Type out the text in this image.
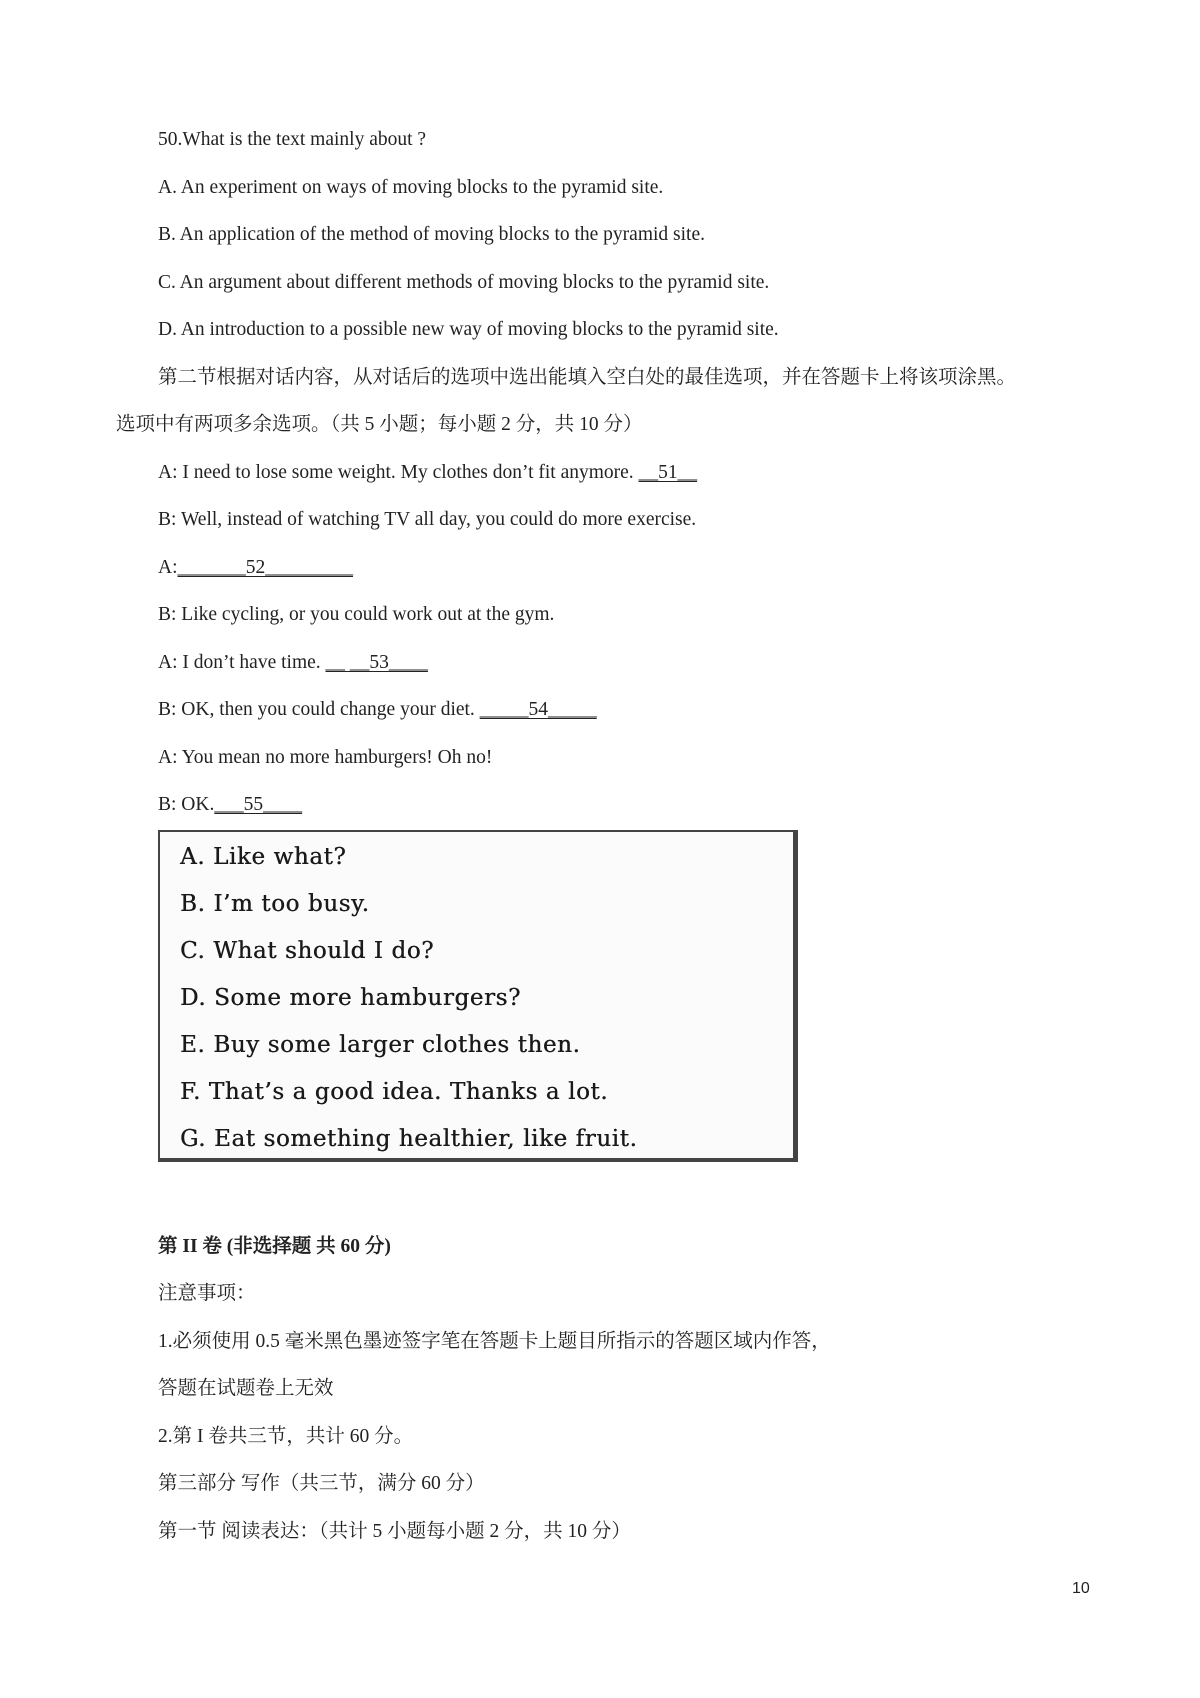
50.What is the text mainly about ?
A. An experiment on ways of moving blocks to the pyramid site.
B. An application of the method of moving blocks to the pyramid site.
C. An argument about different methods of moving blocks to the pyramid site.
D. An introduction to a possible new way of moving blocks to the pyramid site.
第二节根据对话内容，从对话后的选项中选出能填入空白处的最佳选项，并在答题卡上将该项涂黑。
选项中有两项多余选项。（共 5 小题；每小题 2 分，共 10 分）
A: I need to lose some weight. My clothes don’t fit anymore. __51__
B: Well, instead of watching TV all day, you could do more exercise.
A:_______52_________
B: Like cycling, or you could work out at the gym.
A: I don’t have time. __ __53____
B: OK, then you could change your diet. _____54_____
A: You mean no more hamburgers! Oh no!
B: OK.___55____
A. Like what?
B. I’m too busy.
C. What should I do?
D. Some more hamburgers?
E. Buy some larger clothes then.
F. That’s a good idea. Thanks a lot.
G. Eat something healthier, like fruit.
第 II 卷 (非选择题 共 60 分)
注意事项：
1.必须使用 0.5 毫米黑色墨迹签字笔在答题卡上题目所指示的答题区域内作答，
答题在试题卷上无效
2.第 I 卷共三节，共计 60 分。
第三部分 写作（共三节，满分 60 分）
第一节 阅读表达：（共计 5 小题每小题 2 分，共 10 分）
10
